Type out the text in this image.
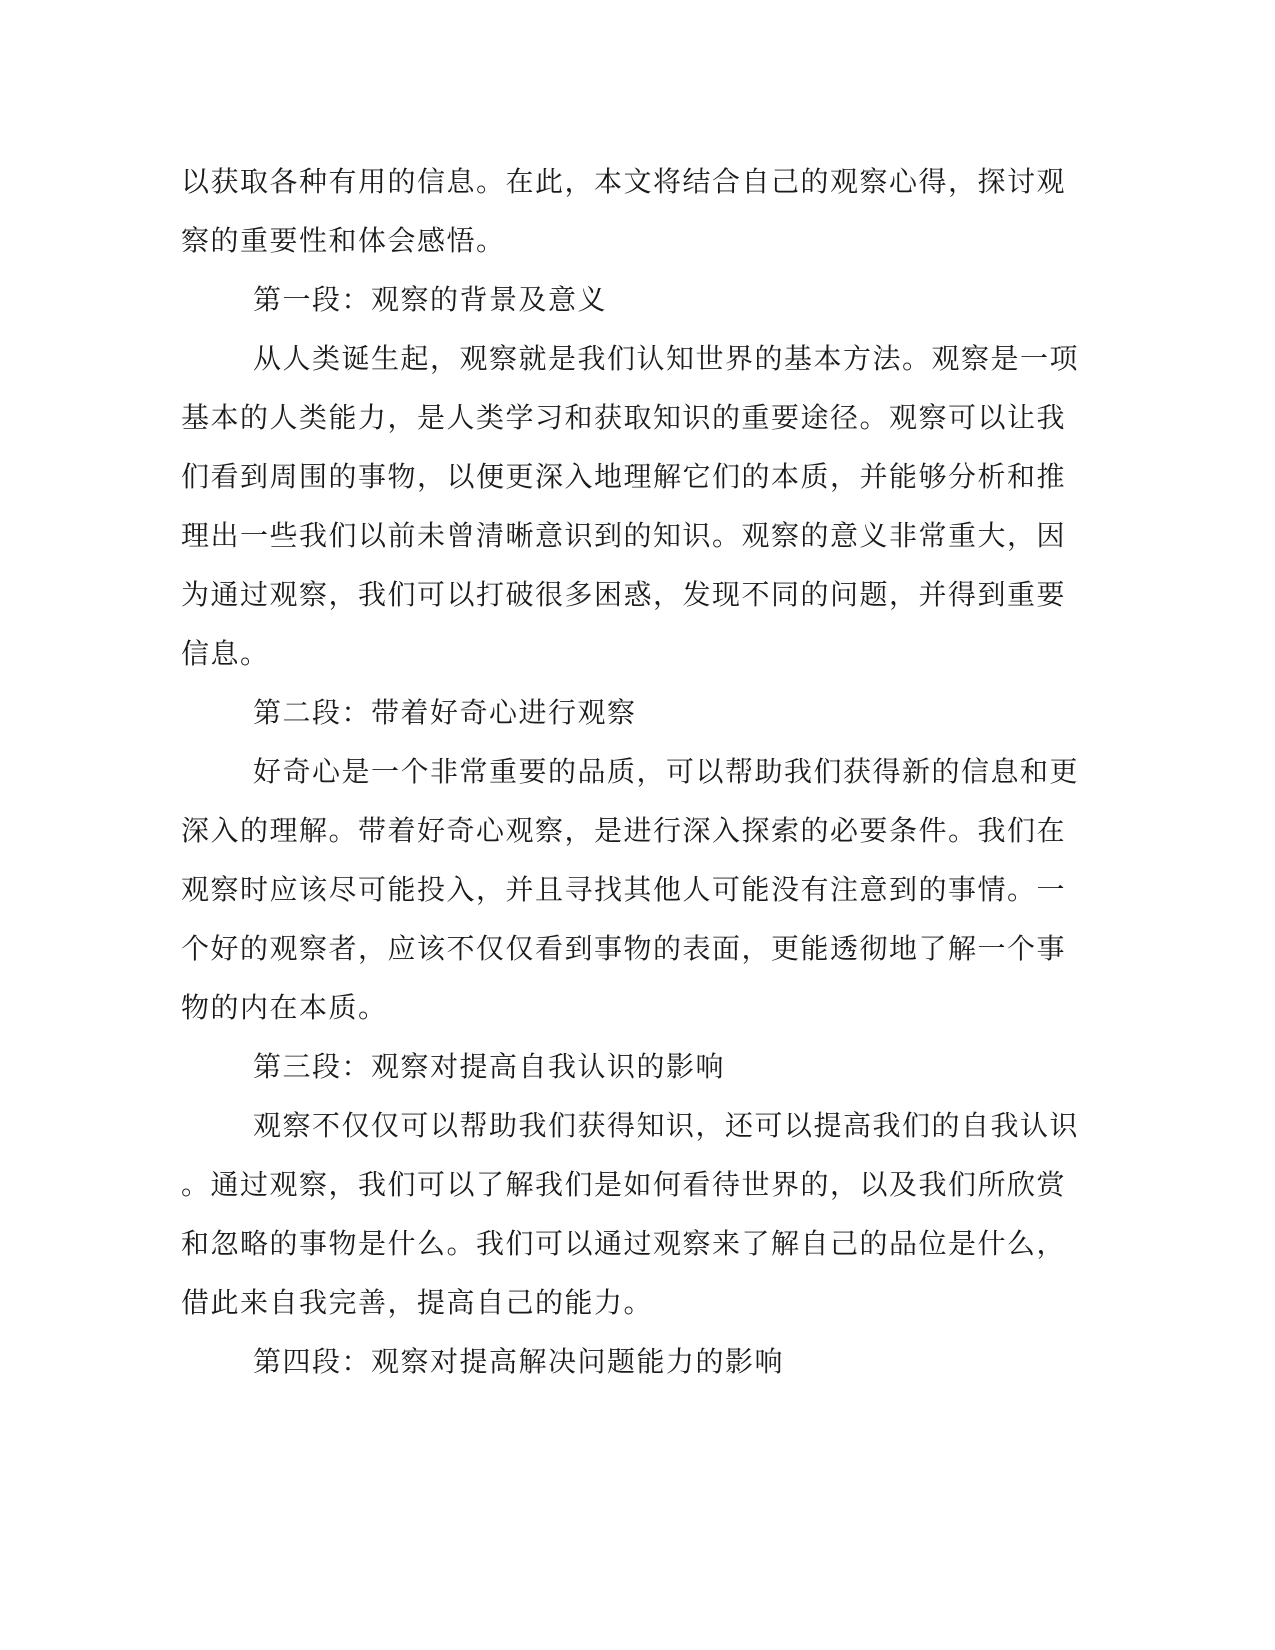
以获取各种有用的信息。在此，本文将结合自己的观察心得，探讨观
察的重要性和体会感悟。
第一段：观察的背景及意义
从人类诞生起，观察就是我们认知世界的基本方法。观察是一项
基本的人类能力，是人类学习和获取知识的重要途径。观察可以让我
们看到周围的事物，以便更深入地理解它们的本质，并能够分析和推
理出一些我们以前未曾清晰意识到的知识。观察的意义非常重大，因
为通过观察，我们可以打破很多困惑，发现不同的问题，并得到重要
信息。
第二段：带着好奇心进行观察
好奇心是一个非常重要的品质，可以帮助我们获得新的信息和更
深入的理解。带着好奇心观察，是进行深入探索的必要条件。我们在
观察时应该尽可能投入，并且寻找其他人可能没有注意到的事情。一
个好的观察者，应该不仅仅看到事物的表面，更能透彻地了解一个事
物的内在本质。
第三段：观察对提高自我认识的影响
观察不仅仅可以帮助我们获得知识，还可以提高我们的自我认识
。通过观察，我们可以了解我们是如何看待世界的，以及我们所欣赏
和忽略的事物是什么。我们可以通过观察来了解自己的品位是什么，
借此来自我完善，提高自己的能力。
第四段：观察对提高解决问题能力的影响
